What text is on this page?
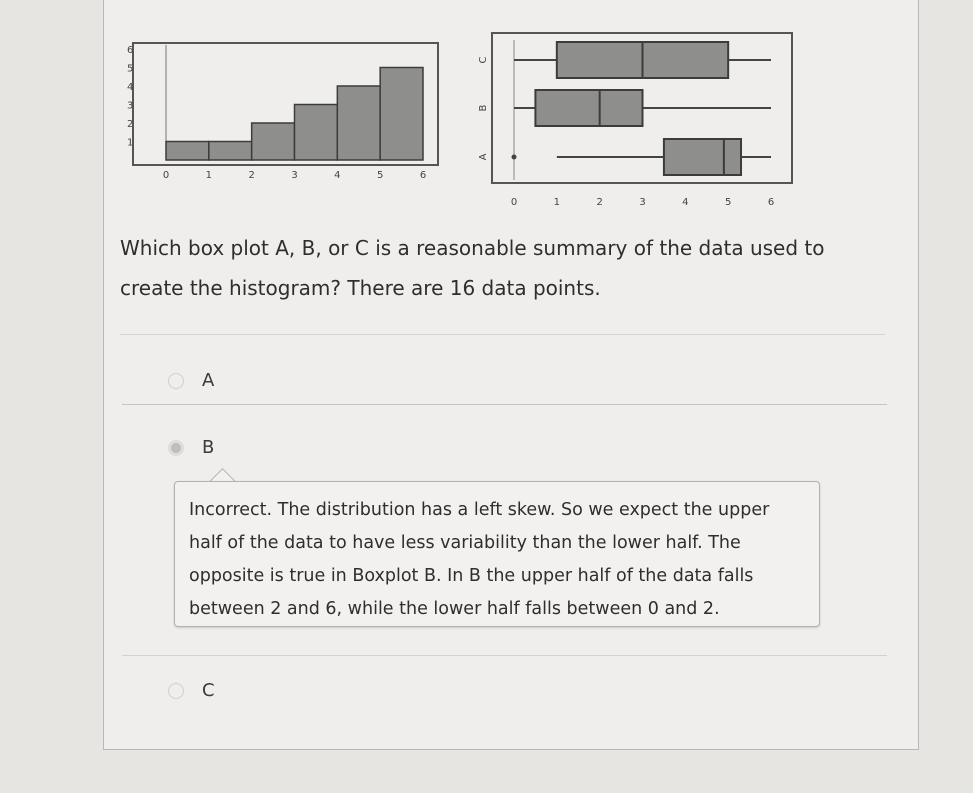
0	1	2	3	4	5	6
1
2
3
4
5
6
A
B
C
0	1	2	3	4	5	6
Which box plot A, B, or C is a reasonable summary of the data used to create the histogram? There are 16 data points.
A
B
Incorrect. The distribution has a left skew. So we expect the upper half of the data to have less variability than the lower half. The opposite is true in Boxplot B. In B the upper half of the data falls between 2 and 6, while the lower half falls between 0 and 2.
C
